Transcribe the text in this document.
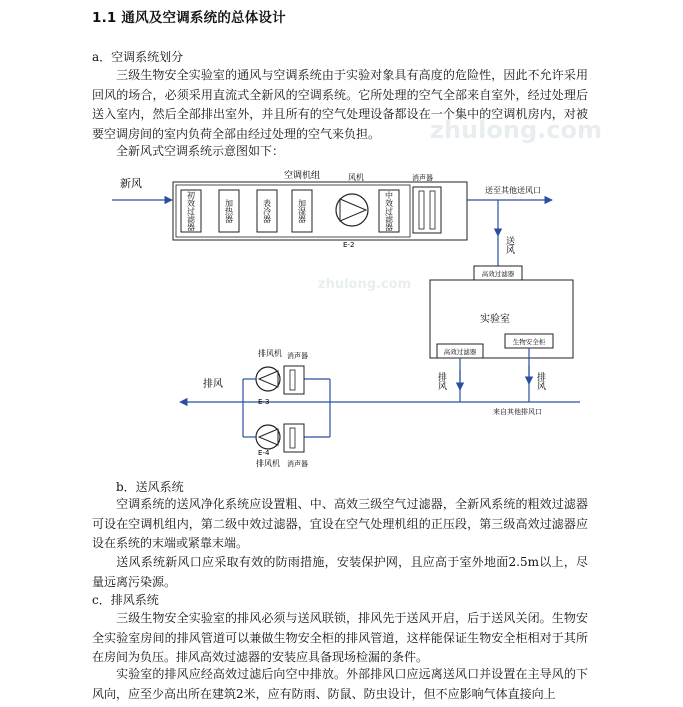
1.1 通风及空调系统的总体设计
a．空调系统划分
三级生物安全实验室的通风与空调系统由于实验对象具有高度的危险性，因此不允许采用回风的场合，必须采用直流式全新风的空调系统。它所处理的空气全部来自室外，经过处理后送入室内，然后全部排出室外，并且所有的空气处理设备都设在一个集中的空调机房内，对被要空调房间的室内负荷全部由经过处理的空气来负担。
全新风式空调系统示意图如下：
zhulong.com
zhulong.com
新风
空调机组
初效过滤器	加热器	表冷器	加湿器
风机
E-2
中效过滤器
消声器
送至其他送风口
送风
高效过滤器
实验室
高效过滤器
生物安全柜
排风	排风
来自其他排风口
排风机 消声器
E-3
E-4
排风机 消声器
排风
b．送风系统
空调系统的送风净化系统应设置粗、中、高效三级空气过滤器，全新风系统的粗效过滤器可设在空调机组内，第二级中效过滤器，宜设在空气处理机组的正压段，第三级高效过滤器应设在系统的末端或紧靠末端。
送风系统新风口应采取有效的防雨措施，安装保护网，且应高于室外地面2.5m以上，尽量远离污染源。
c．排风系统
三级生物安全实验室的排风必须与送风联锁，排风先于送风开启，后于送风关闭。生物安全实验室房间的排风管道可以兼做生物安全柜的排风管道，这样能保证生物安全柜相对于其所在房间为负压。排风高效过滤器的安装应具备现场检漏的条件。
实验室的排风应经高效过滤后向空中排放。外部排风口应远离送风口并设置在主导风的下风向，应至少高出所在建筑2米，应有防雨、防鼠、防虫设计，但不应影响气体直接向上
